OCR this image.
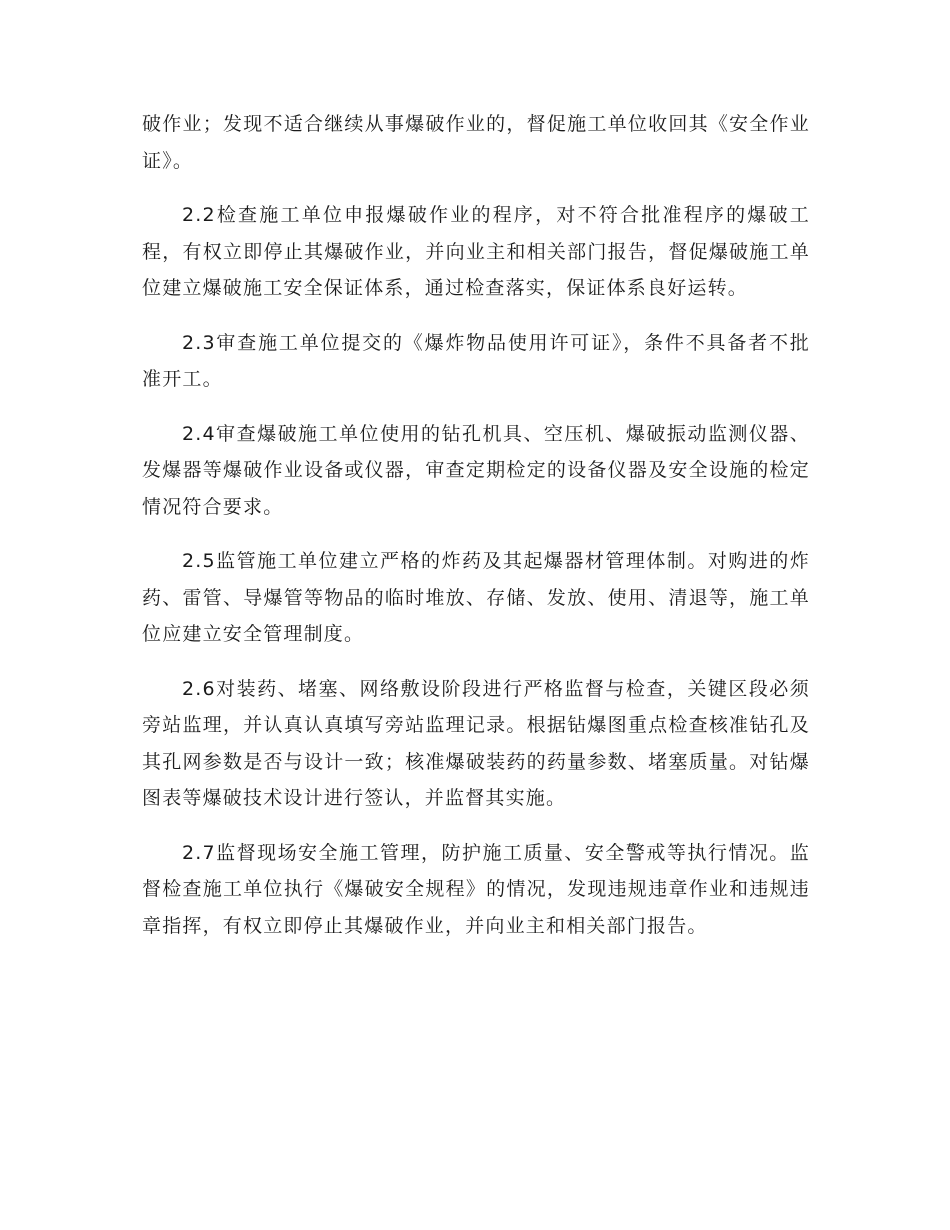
破作业；发现不适合继续从事爆破作业的，督促施工单位收回其《安全作业证》。

2.2检查施工单位申报爆破作业的程序，对不符合批准程序的爆破工程，有权立即停止其爆破作业，并向业主和相关部门报告，督促爆破施工单位建立爆破施工安全保证体系，通过检查落实，保证体系良好运转。

2.3审查施工单位提交的《爆炸物品使用许可证》，条件不具备者不批准开工。

2.4审查爆破施工单位使用的钻孔机具、空压机、爆破振动监测仪器、发爆器等爆破作业设备或仪器，审查定期检定的设备仪器及安全设施的检定情况符合要求。

2.5监管施工单位建立严格的炸药及其起爆器材管理体制。对购进的炸药、雷管、导爆管等物品的临时堆放、存储、发放、使用、清退等，施工单位应建立安全管理制度。

2.6对装药、堵塞、网络敷设阶段进行严格监督与检查，关键区段必须旁站监理，并认真认真填写旁站监理记录。根据钻爆图重点检查核准钻孔及其孔网参数是否与设计一致；核准爆破装药的药量参数、堵塞质量。对钻爆图表等爆破技术设计进行签认，并监督其实施。

2.7监督现场安全施工管理，防护施工质量、安全警戒等执行情况。监督检查施工单位执行《爆破安全规程》的情况，发现违规违章作业和违规违章指挥，有权立即停止其爆破作业，并向业主和相关部门报告。
